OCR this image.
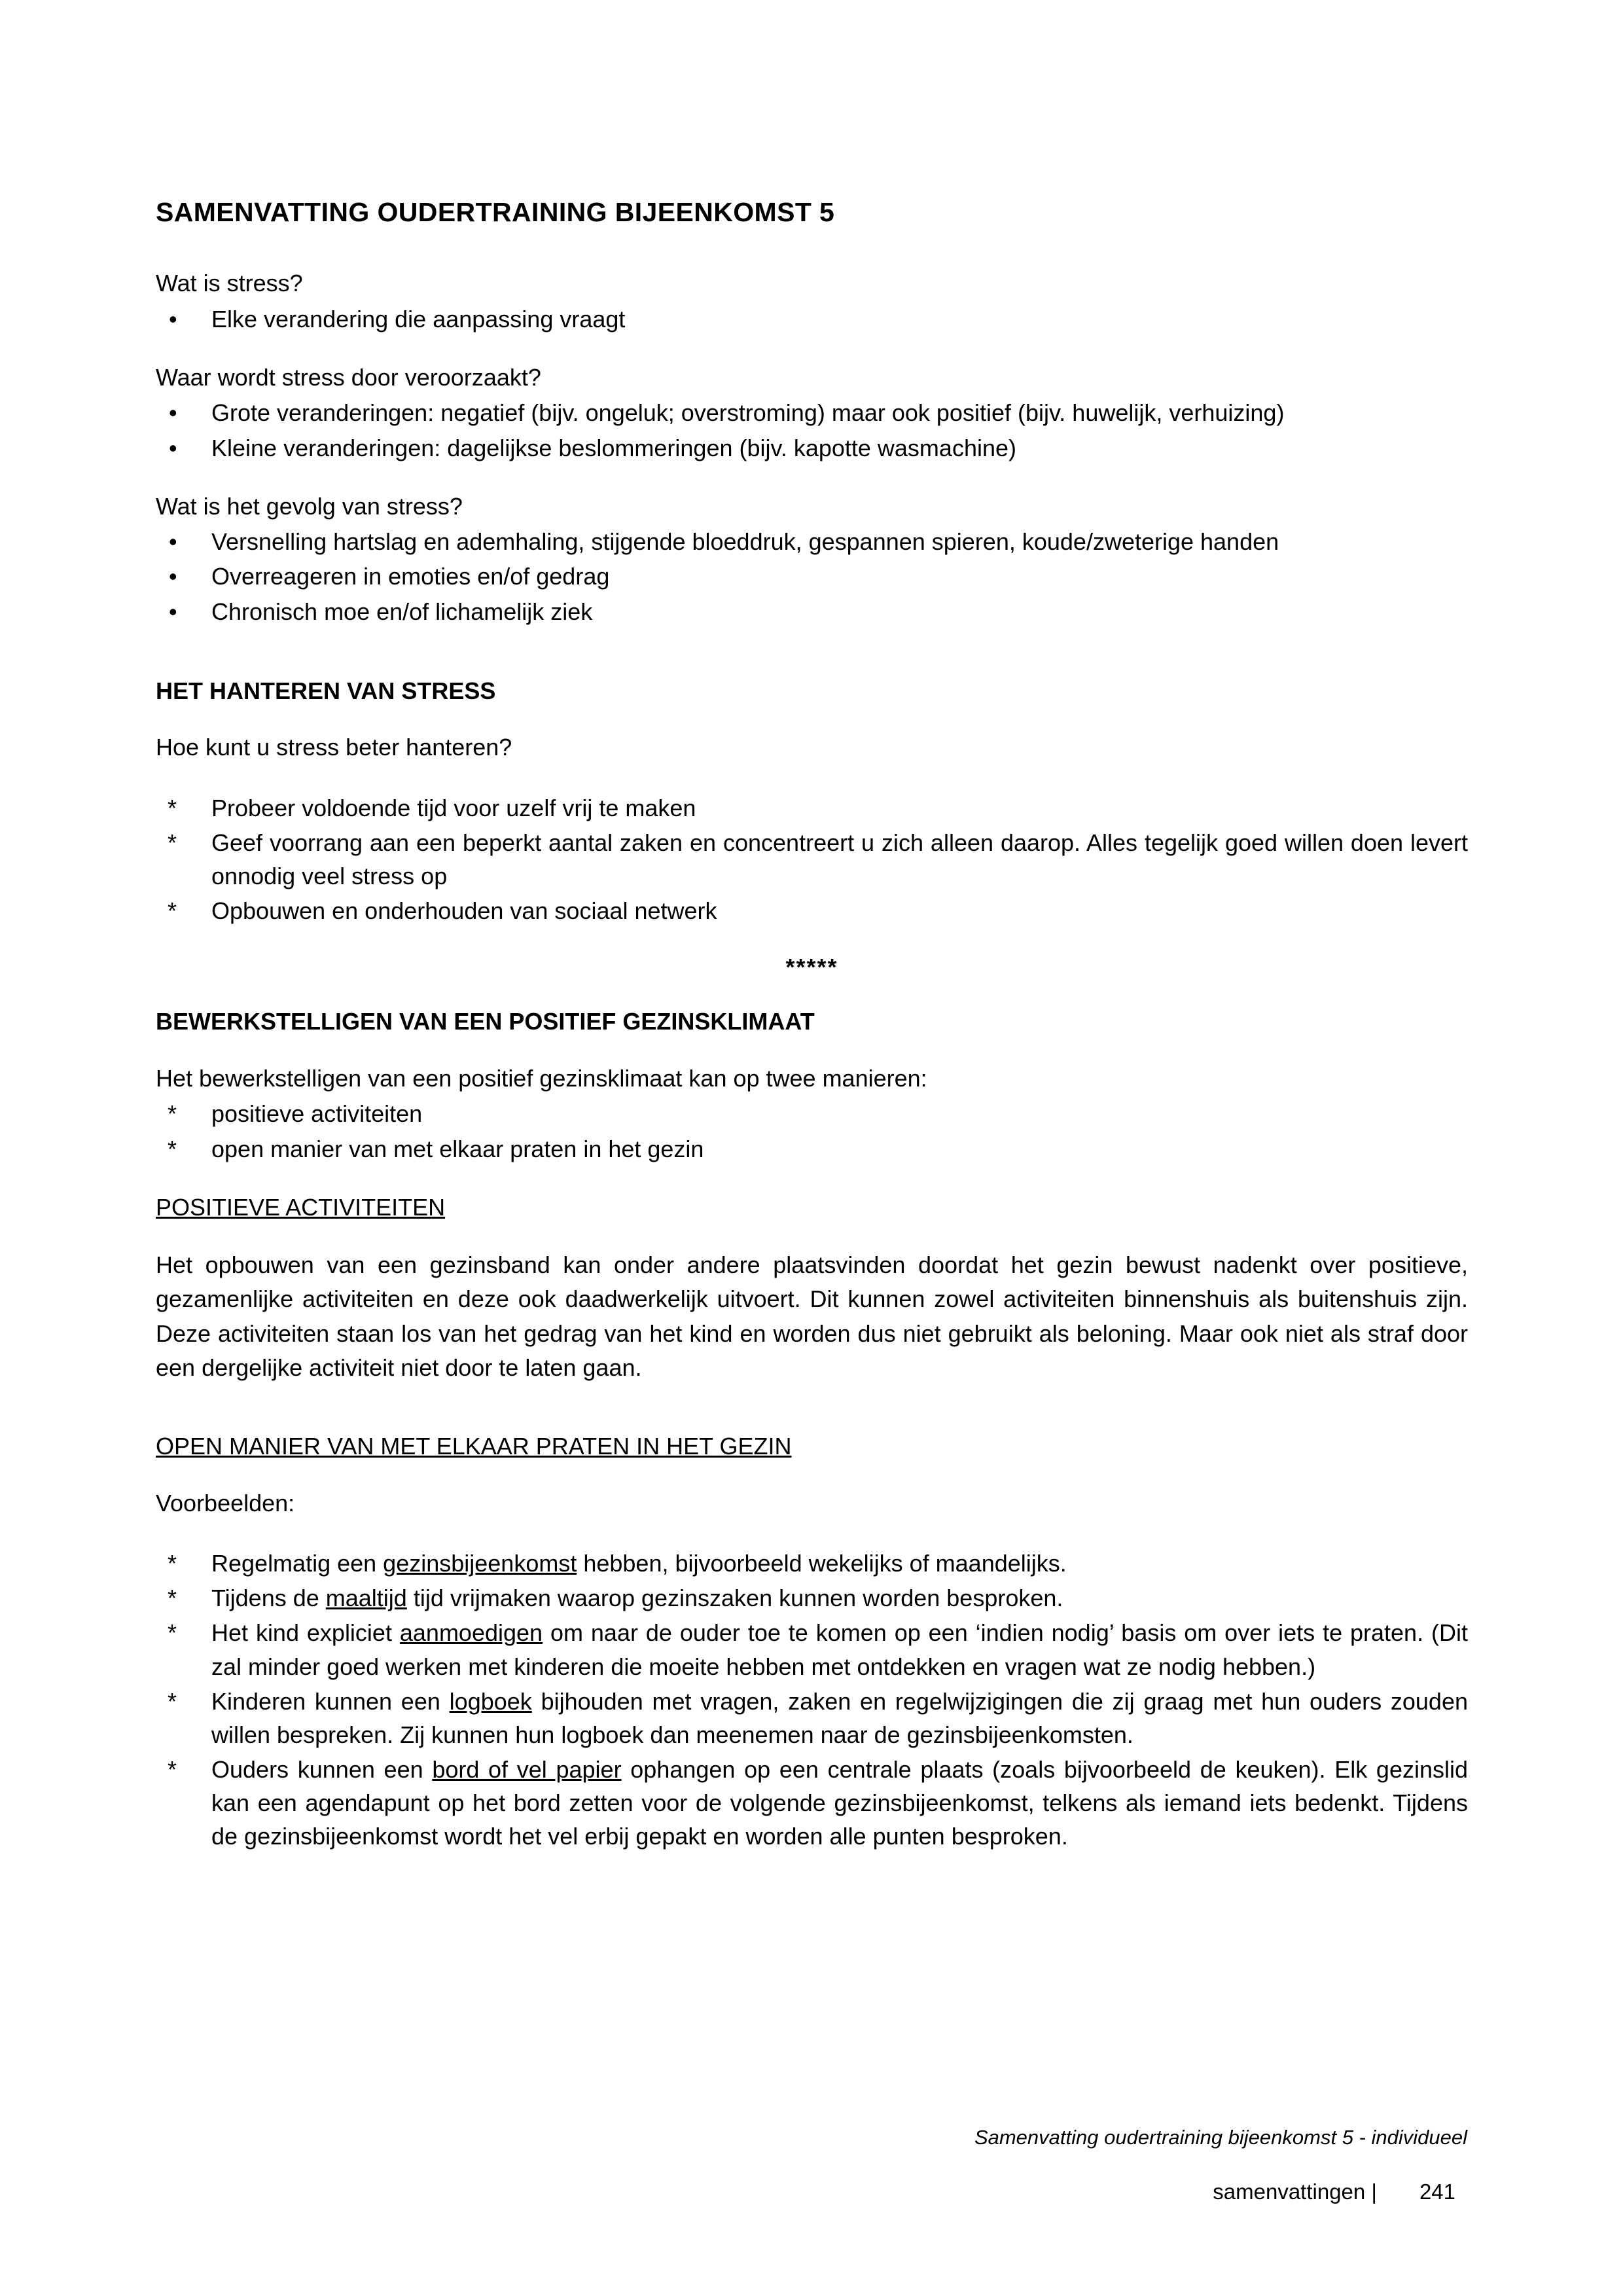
SAMENVATTING OUDERTRAINING BIJEENKOMST 5
Wat is stress?
• Elke verandering die aanpassing vraagt
Waar wordt stress door veroorzaakt?
• Grote veranderingen: negatief (bijv. ongeluk; overstroming) maar ook positief (bijv. huwelijk, verhuizing)
• Kleine veranderingen: dagelijkse beslommeringen (bijv. kapotte wasmachine)
Wat is het gevolg van stress?
• Versnelling hartslag en ademhaling, stijgende bloeddruk, gespannen spieren, koude/zweterige handen
• Overreageren in emoties en/of gedrag
• Chronisch moe en/of lichamelijk ziek
HET HANTEREN VAN STRESS
Hoe kunt u stress beter hanteren?
* Probeer voldoende tijd voor uzelf vrij te maken
* Geef voorrang aan een beperkt aantal zaken en concentreert u zich alleen daarop. Alles tegelijk goed willen doen levert onnodig veel stress op
* Opbouwen en onderhouden van sociaal netwerk

*****

BEWERKSTELLIGEN VAN EEN POSITIEF GEZINSKLIMAAT
Het bewerkstelligen van een positief gezinsklimaat kan op twee manieren:
* positieve activiteiten
* open manier van met elkaar praten in het gezin
POSITIEVE ACTIVITEITEN

Het opbouwen van een gezinsband kan onder andere plaatsvinden doordat het gezin bewust nadenkt over positieve, gezamenlijke activiteiten en deze ook daadwerkelijk uitvoert. Dit kunnen zowel activiteiten binnenshuis als buitenshuis zijn. Deze activiteiten staan los van het gedrag van het kind en worden dus niet gebruikt als beloning. Maar ook niet als straf door een dergelijke activiteit niet door te laten gaan.

OPEN MANIER VAN MET ELKAAR PRATEN IN HET GEZIN
Voorbeelden:
* Regelmatig een gezinsbijeenkomst hebben, bijvoorbeeld wekelijks of maandelijks.
* Tijdens de maaltijd tijd vrijmaken waarop gezinszaken kunnen worden besproken.
* Het kind expliciet aanmoedigen om naar de ouder toe te komen op een ‘indien nodig’ basis om over iets te praten. (Dit zal minder goed werken met kinderen die moeite hebben met ontdekken en vragen wat ze nodig hebben.)
* Kinderen kunnen een logboek bijhouden met vragen, zaken en regelwijzigingen die zij graag met hun ouders zouden willen bespreken. Zij kunnen hun logboek dan meenemen naar de gezinsbijeenkomsten.
* Ouders kunnen een bord of vel papier ophangen op een centrale plaats (zoals bijvoorbeeld de keuken). Elk gezinslid kan een agendapunt op het bord zetten voor de volgende gezinsbijeenkomst, telkens als iemand iets bedenkt. Tijdens de gezinsbijeenkomst wordt het vel erbij gepakt en worden alle punten besproken.

Samenvatting oudertraining bijeenkomst 5 - individueel

samenvattingen | 241
